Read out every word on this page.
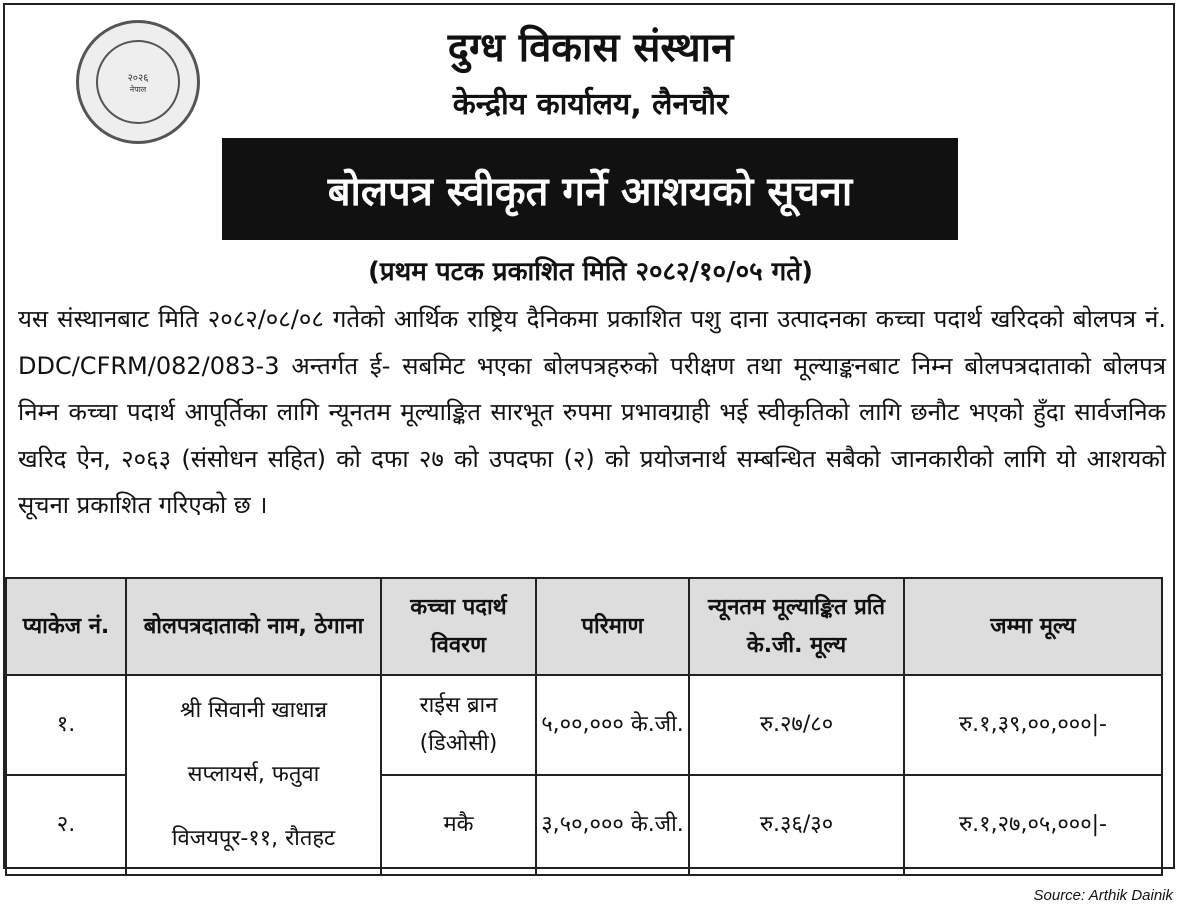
२०२६
नेपाल
दुग्ध विकास संस्थान
केन्द्रीय कार्यालय, लैनचौर
बोलपत्र स्वीकृत गर्ने आशयको सूचना
(प्रथम पटक प्रकाशित मिति २०८२/१०/०५ गते)
यस संस्थानबाट मिति २०८२/०८/०८ गतेको आर्थिक राष्ट्रिय दैनिकमा प्रकाशित पशु दाना उत्पादनका कच्चा पदार्थ खरिदको बोलपत्र नं. DDC/CFRM/082/083-3 अन्तर्गत ई- सबमिट भएका बोलपत्रहरुको परीक्षण तथा मूल्याङ्कनबाट निम्न बोलपत्रदाताको बोलपत्र निम्न कच्चा पदार्थ आपूर्तिका लागि न्यूनतम मूल्याङ्कित सारभूत रुपमा प्रभावग्राही भई स्वीकृतिको लागि छनौट भएको हुँदा सार्वजनिक खरिद ऐन, २०६३ (संसोधन सहित) को दफा २७ को उपदफा (२) को प्रयोजनार्थ सम्बन्धित सबैको जानकारीको लागि यो आशयको सूचना प्रकाशित गरिएको छ ।
प्याकेज नं.	बोलपत्रदाताको नाम, ठेगाना	कच्चा पदार्थ विवरण	परिमाण	न्यूनतम मूल्याङ्कित प्रति के.जी. मूल्य	जम्मा मूल्य
१.	श्री सिवानी खाधान्न सप्लायर्स, फतुवा विजयपूर-११, रौतहट	राईस ब्रान (डिओसी)	५,००,००० के.जी.	रु.२७/८०	रु.१,३९,००,०००|-
२.		मकै	३,५०,००० के.जी.	रु.३६/३०	रु.१,२७,०५,०००|-
Source: Arthik Dainik
